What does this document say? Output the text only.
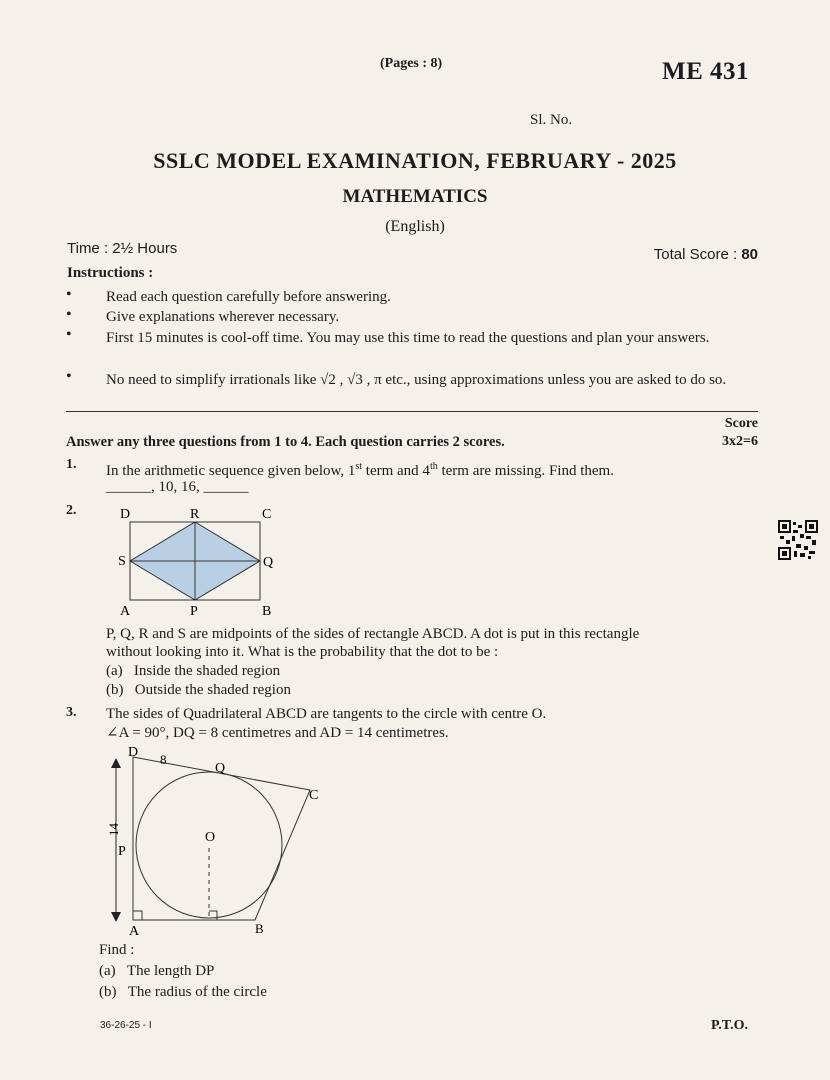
(Pages : 8)	ME 431
Sl. No.
SSLC MODEL EXAMINATION, FEBRUARY - 2025
MATHEMATICS
(English)
Time : 2½ Hours	Total Score : 80
Instructions :
• Read each question carefully before answering.
• Give explanations wherever necessary.
• First 15 minutes is cool-off time. You may use this time to read the questions and plan your answers.
• No need to simplify irrationals like √2 , √3 , π etc., using approximations unless you are asked to do so.
Score
Answer any three questions from 1 to 4. Each question carries 2 scores.	3x2=6
1. In the arithmetic sequence given below, 1st term and 4th term are missing. Find them.
______, 10, 16, ______
2.	D	R	C
S	Q
A	P	B
P, Q, R and S are midpoints of the sides of rectangle ABCD. A dot is put in this rectangle
without looking into it. What is the probability that the dot to be :
(a) Inside the shaded region
(b) Outside the shaded region
3. The sides of Quadrilateral ABCD are tangents to the circle with centre O.
∠A = 90°, DQ = 8 centimetres and AD = 14 centimetres.
D 8
Q
C
O
P
14
A	B
Find :
(a) The length DP
(b) The radius of the circle
36-26-25 - I	P.T.O.
